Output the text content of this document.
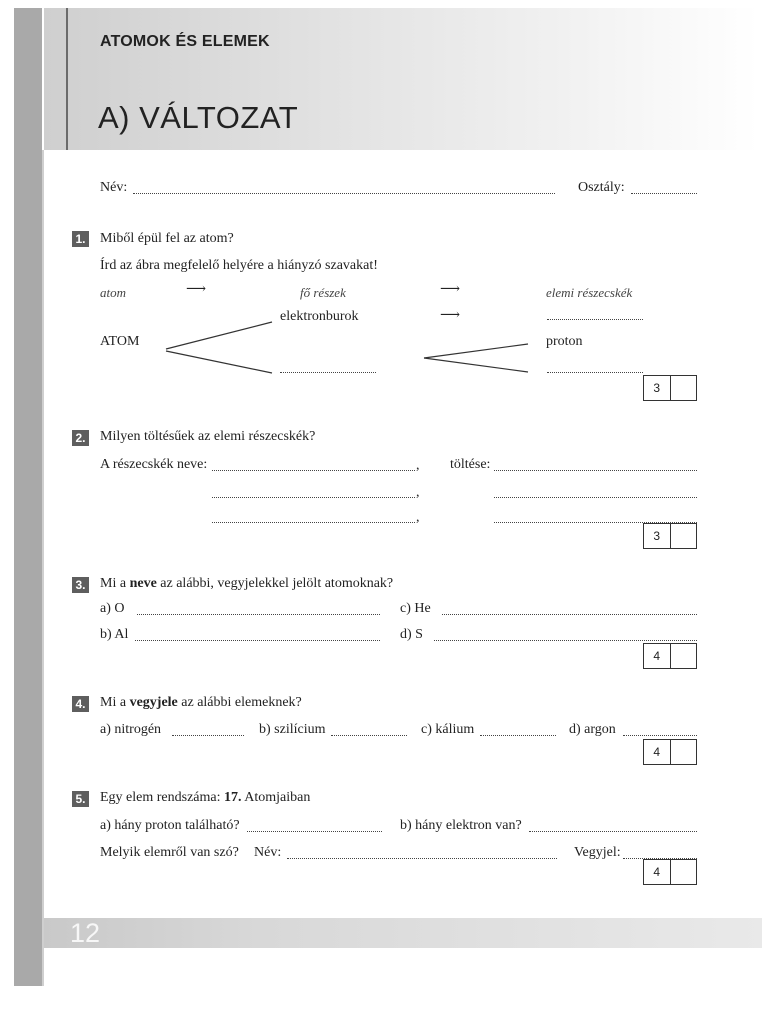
ATOMOK ÉS ELEMEK
A) VÁLTOZAT
Név:	Osztály:
1. Miből épül fel az atom?
Írd az ábra megfelelő helyére a hiányzó szavakat!
atom	⟶	fő részek	⟶	elemi részecskék
elektronburok	⟶
ATOM	proton
3
2. Milyen töltésűek az elemi részecskék?
A részecskék neve:	, töltése:
,
,
3
3. Mi a neve az alábbi, vegyjelekkel jelölt atomoknak?
a) O	c) He
b) Al	d) S
4
4. Mi a vegyjele az alábbi elemeknek?
a) nitrogén	b) szilícium	c) kálium	d) argon
4
5. Egy elem rendszáma: 17. Atomjaiban
a) hány proton található?	b) hány elektron van?
Melyik elemről van szó? Név:	Vegyjel:
4
12
